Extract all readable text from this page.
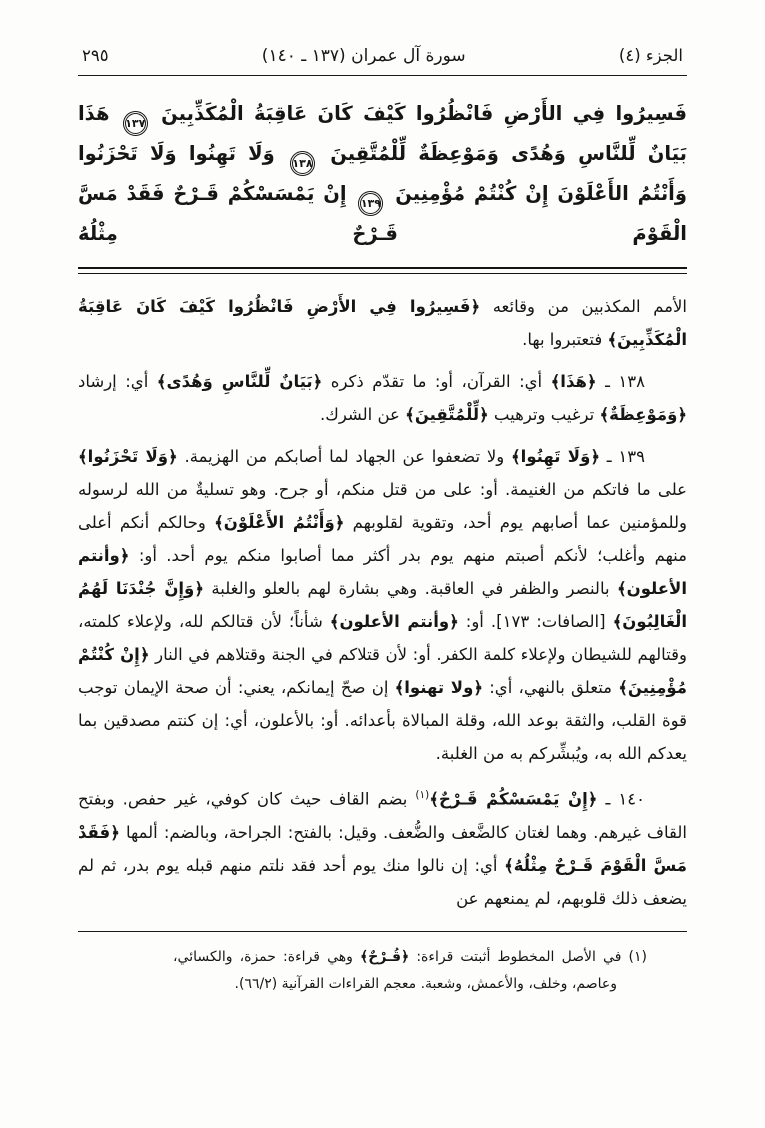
الجزء (٤)
سورة آل عمران (١٣٧ ـ ١٤٠)
٢٩٥
فَسِيرُوا فِي الأَرْضِ فَانْظُرُوا كَيْفَ كَانَ عَاقِبَةُ الْمُكَذِّبِينَ ١٣٧ هَذَا بَيَانٌ لِّلنَّاسِ وَهُدًى وَمَوْعِظَةٌ لِّلْمُتَّقِينَ ١٣٨ وَلَا تَهِنُوا وَلَا تَحْزَنُوا وَأَنْتُمُ الأَعْلَوْنَ إِنْ كُنْتُمْ مُؤْمِنِينَ ١٣٩ إِنْ يَمْسَسْكُمْ قَـرْحٌ فَقَدْ مَسَّ الْقَوْمَ قَـرْحٌ مِثْلُهُ

الأمم المكذبين من وقائعه ﴿فَسِيرُوا فِي الأَرْضِ فَانْظُرُوا كَيْفَ كَانَ عَاقِبَةُ الْمُكَذِّبِينَ﴾ فتعتبروا بها.

١٣٨ ـ ﴿هَذَا﴾ أي: القرآن، أو: ما تقدّم ذكره ﴿بَيَانٌ لِّلنَّاسِ وَهُدًى﴾ أي: إرشاد ﴿وَمَوْعِظَةٌ﴾ ترغيب وترهيب ﴿لِّلْمُتَّقِينَ﴾ عن الشرك.

١٣٩ ـ ﴿وَلَا تَهِنُوا﴾ ولا تضعفوا عن الجهاد لما أصابكم من الهزيمة. ﴿وَلَا تَحْزَنُوا﴾ على ما فاتكم من الغنيمة. أو: على من قتل منكم، أو جرح. وهو تسليةٌ من الله لرسوله وللمؤمنين عما أصابهم يوم أحد، وتقوية لقلوبهم ﴿وَأَنْتُمُ الأَعْلَوْنَ﴾ وحالكم أنكم أعلى منهم وأغلب؛ لأنكم أصبتم منهم يوم بدر أكثر مما أصابوا منكم يوم أحد. أو: ﴿وأنتم الأعلون﴾ بالنصر والظفر في العاقبة. وهي بشارة لهم بالعلو والغلبة ﴿وَإِنَّ جُنْدَنَا لَهُمُ الْغَالِبُونَ﴾ [الصافات: ١٧٣]. أو: ﴿وأنتم الأعلون﴾ شأناً؛ لأن قتالكم لله، ولإعلاء كلمته، وقتالهم للشيطان ولإعلاء كلمة الكفر. أو: لأن قتلاكم في الجنة وقتلاهم في النار ﴿إِنْ كُنْتُمْ مُؤْمِنِينَ﴾ متعلق بالنهي، أي: ﴿ولا تهنوا﴾ إن صحّ إيمانكم، يعني: أن صحة الإيمان توجب قوة القلب، والثقة بوعد الله، وقلة المبالاة بأعدائه. أو: بالأعلون، أي: إن كنتم مصدقين بما يعدكم الله به، ويُبشِّركم به من الغلبة.

١٤٠ ـ ﴿إِنْ يَمْسَسْكُمْ قَـرْحٌ﴾$^{(١)}$ بضم القاف حيث كان كوفي، غير حفص. وبفتح القاف غيرهم. وهما لغتان كالضَّعف والضُّعف. وقيل: بالفتح: الجراحة، وبالضم: ألمها ﴿فَقَدْ مَسَّ الْقَوْمَ قَـرْحٌ مِثْلُهُ﴾ أي: إن نالوا منك يوم أحد فقد نلتم منهم قبله يوم بدر، ثم لم يضعف ذلك قلوبهم، لم يمنعهم عن

(١) في الأصل المخطوط أثبتت قراءة: ﴿قُـرْحٌ﴾ وهي قراءة: حمزة، والكسائي، وعاصم، وخلف، والأعمش، وشعبة. معجم القراءات القرآنية (٦٦/٢).
